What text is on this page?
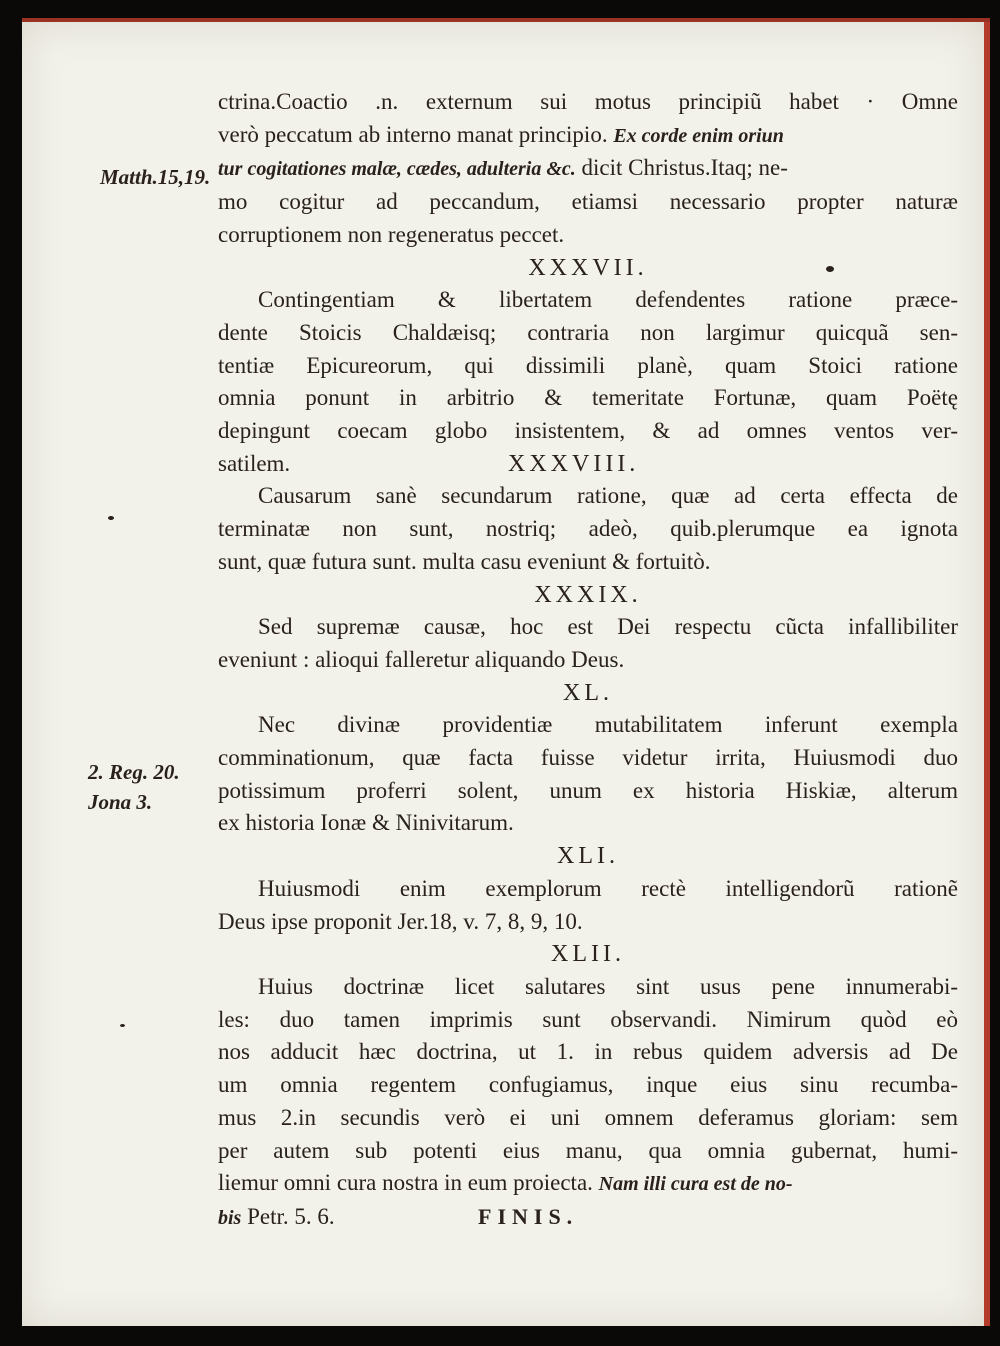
Matth.15,19.
2. Reg. 20.
Jona 3.
ctrina.Coactio .n. externum sui motus principiũ habet · Omne
verò peccatum ab interno manat principio. Ex corde enim oriun
tur cogitationes malæ, cædes, adulteria &c. dicit Christus.Itaq; ne-
mo cogitur ad peccandum, etiamsi necessario propter naturæ
corruptionem non regeneratus peccet.
XXXVII.
Contingentiam & libertatem defendentes ratione præce-
dente Stoicis Chaldæisq; contraria non largimur quicquã sen-
tentiæ Epicureorum, qui dissimili planè, quam Stoici ratione
omnia ponunt in arbitrio & temeritate Fortunæ, quam Poëtę
depingunt coecam globo insistentem, & ad omnes ventos ver-
satilem.	XXXVIII.
Causarum sanè secundarum ratione, quæ ad certa effecta de
terminatæ non sunt, nostriq; adeò, quib.plerumque ea ignota
sunt, quæ futura sunt. multa casu eveniunt & fortuitò.
XXXIX.
Sed supremæ causæ, hoc est Dei respectu cũcta infallibiliter
eveniunt : alioqui falleretur aliquando Deus.
XL.
Nec divinæ providentiæ mutabilitatem inferunt exempla
comminationum, quæ facta fuisse videtur irrita, Huiusmodi duo
potissimum proferri solent, unum ex historia Hiskiæ, alterum
ex historia Ionæ & Ninivitarum.
XLI.
Huiusmodi enim exemplorum rectè intelligendorũ rationẽ
Deus ipse proponit Jer.18, v. 7, 8, 9, 10.
XLII.
Huius doctrinæ licet salutares sint usus pene innumerabi-
les: duo tamen imprimis sunt observandi. Nimirum quòd eò
nos adducit hæc doctrina, ut 1. in rebus quidem adversis ad De
um omnia regentem confugiamus, inque eius sinu recumba-
mus 2.in secundis verò ei uni omnem deferamus gloriam: sem
per autem sub potenti eius manu, qua omnia gubernat, humi-
liemur omni cura nostra in eum proiecta. Nam illi cura est de no-
bis Petr. 5. 6.	FINIS.
